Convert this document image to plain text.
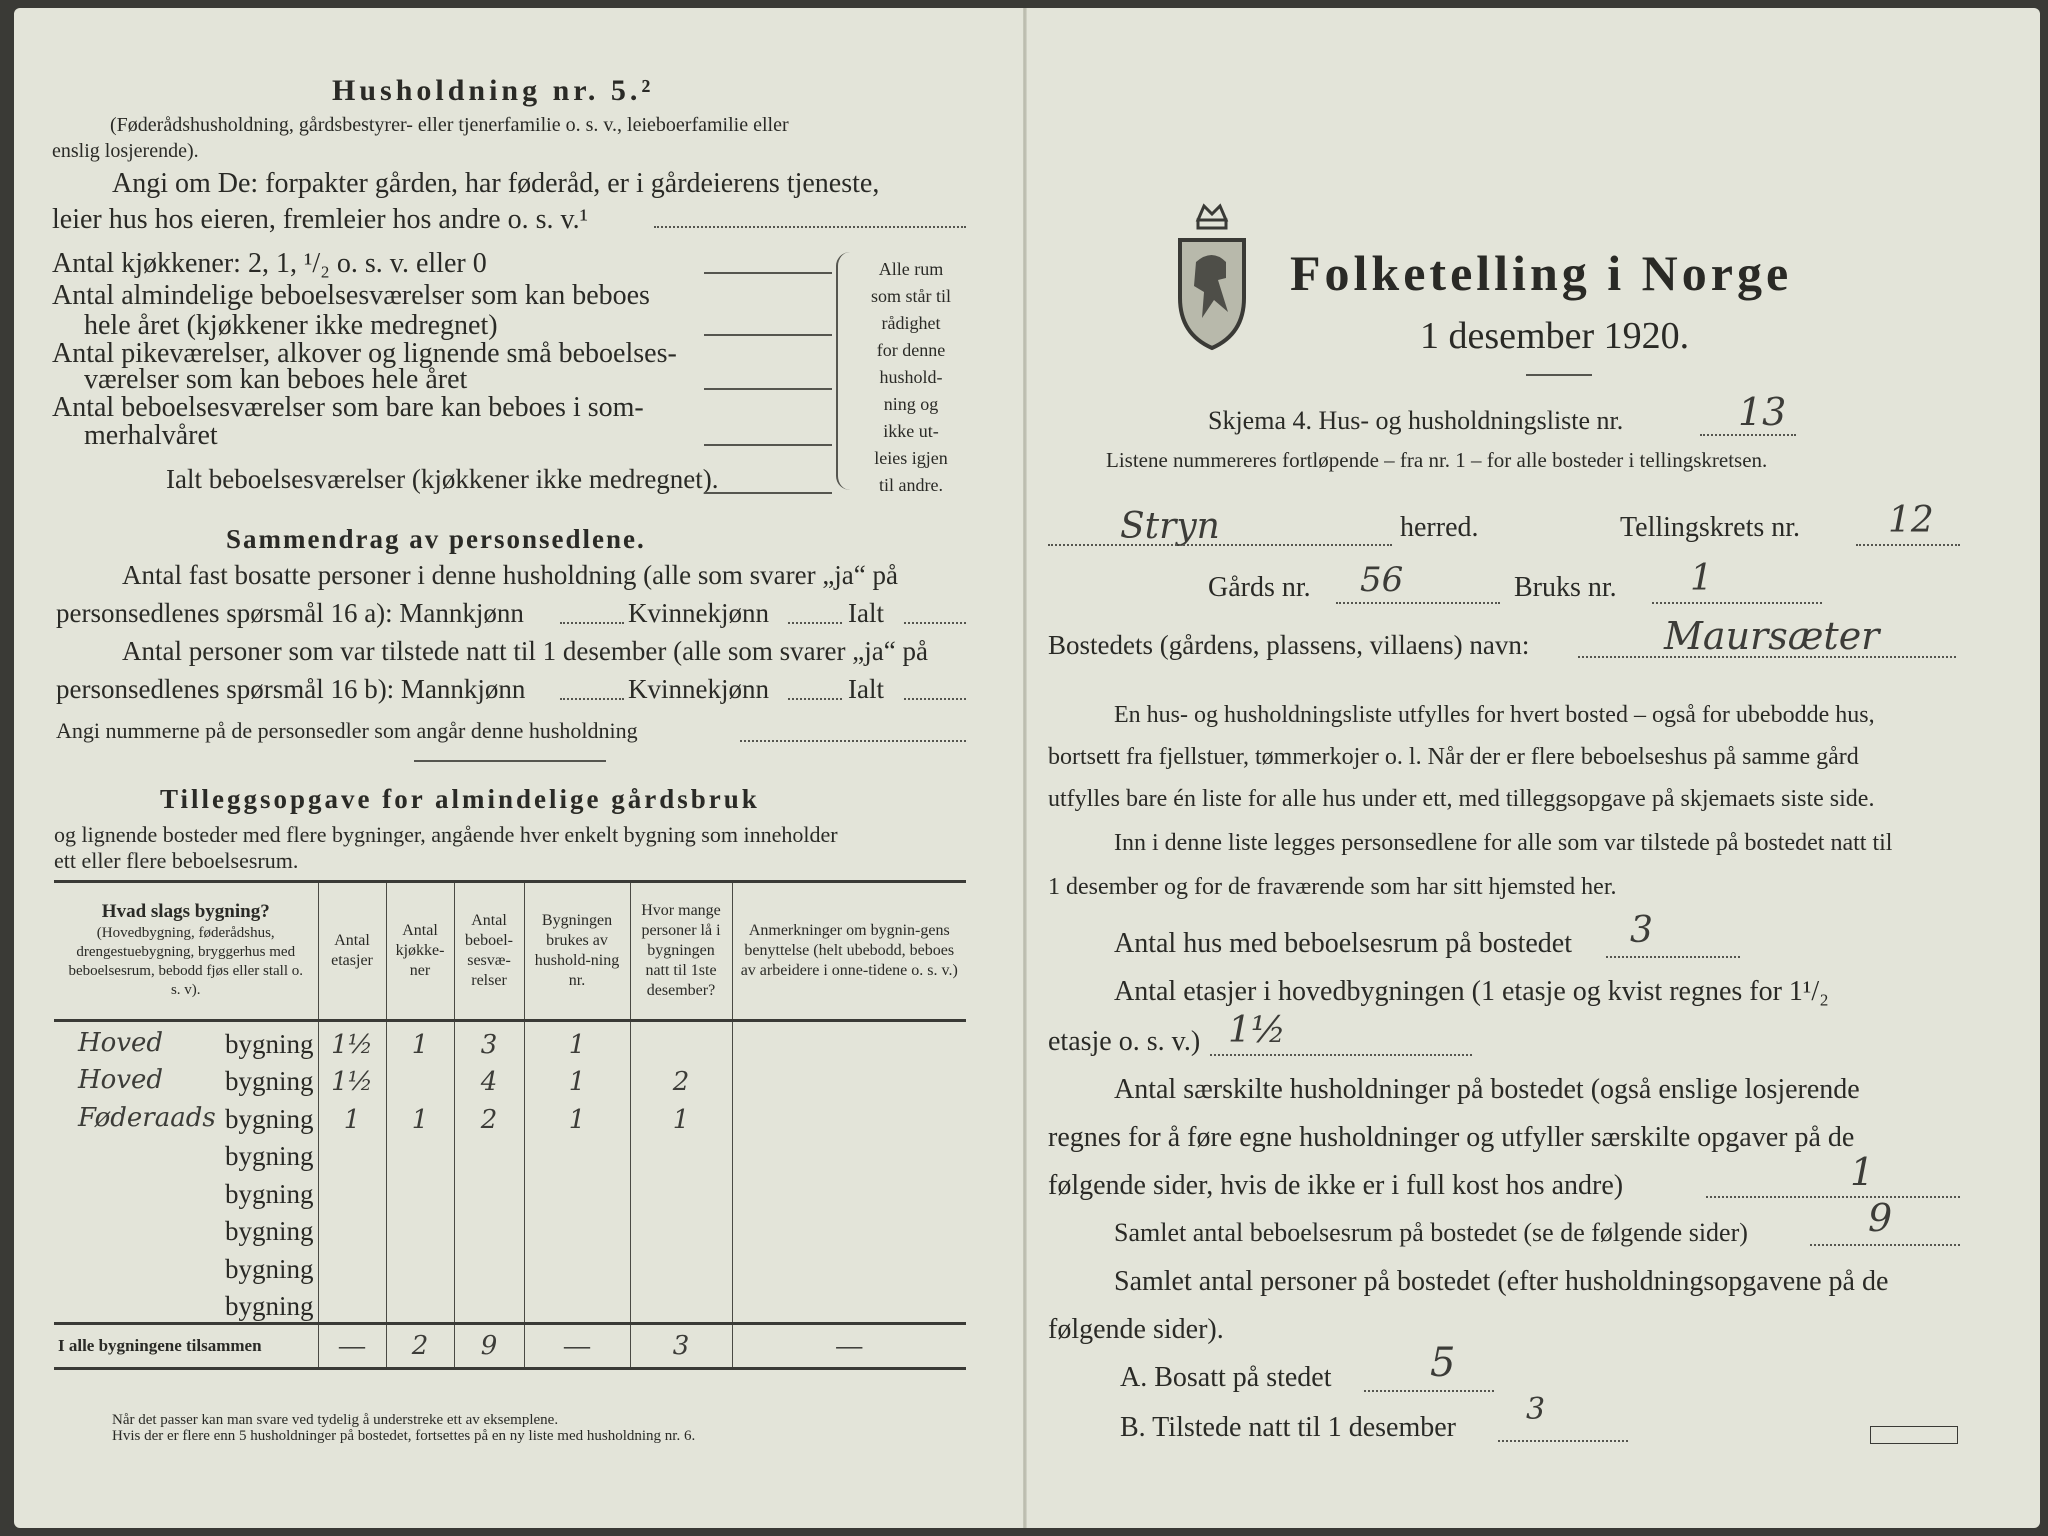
Husholdning nr. 5.²
(Føderådshusholdning, gårdsbestyrer- eller tjenerfamilie o. s. v., leieboerfamilie eller
enslig losjerende).
Angi om De: forpakter gården, har føderåd, er i gårdeierens tjeneste,
leier hus hos eieren, fremleier hos andre o. s. v.¹
Antal kjøkkener: 2, 1, ¹/₂ o. s. v. eller 0
Antal almindelige beboelsesværelser som kan beboes
hele året (kjøkkener ikke medregnet)
Antal pikeværelser, alkover og lignende små beboelses-
værelser som kan beboes hele året
Antal beboelsesværelser som bare kan beboes i som-
merhalvåret
Ialt beboelsesværelser (kjøkkener ikke medregnet).
Alle rum
som står til
rådighet
for denne
hushold-
ning og
ikke ut-
leies igjen
til andre.
Sammendrag av personsedlene.
Antal fast bosatte personer i denne husholdning (alle som svarer „ja“ på
personsedlenes spørsmål 16 a): Mannkjønn	Kvinnekjønn	Ialt
Antal personer som var tilstede natt til 1 desember (alle som svarer „ja“ på
personsedlenes spørsmål 16 b): Mannkjønn	Kvinnekjønn	Ialt
Angi nummerne på de personsedler som angår denne husholdning
Tilleggsopgave for almindelige gårdsbruk
og lignende bosteder med flere bygninger, angående hver enkelt bygning som inneholder
ett eller flere beboelsesrum.
Hvad slags bygning?
(Hovedbygning, føderådshus, drengestuebygning, bryggerhus med beboelsesrum, bebodd fjøs eller stall o. s. v).	Antal etasjer	Antal kjøkke-ner	Antal beboel-sesvæ-relser	Bygningen brukes av hushold-ning nr.	Hvor mange personer lå i bygningen natt til 1ste desember?	Anmerkninger om bygnin-gens benyttelse (helt ubebodd, beboes av arbeidere i onne-tidene o. s. v.)

Hoved bygning	1½	1	3	1		

Hoved bygning	1½		4	1	2	

Føderaads bygning	1	1	2	1	1	

bygning						

bygning						

bygning						

bygning						

bygning						
I alle bygningene tilsammen	—	2	9	—	3	—
Når det passer kan man svare ved tydelig å understreke ett av eksemplene.
Hvis der er flere enn 5 husholdninger på bostedet, fortsettes på en ny liste med husholdning nr. 6.
Folketelling i Norge
1 desember 1920.
Skjema 4. Hus- og husholdningsliste nr.	13
Listene nummereres fortløpende – fra nr. 1 – for alle bosteder i tellingskretsen.
Stryn	herred.	Tellingskrets nr. 12
Gårds nr. 56	Bruks nr. 1
Bostedets (gårdens, plassens, villaens) navn:	Maursæter
En hus- og husholdningsliste utfylles for hvert bosted – også for ubebodde hus,
bortsett fra fjellstuer, tømmerkojer o. l. Når der er flere beboelseshus på samme gård
utfylles bare én liste for alle hus under ett, med tilleggsopgave på skjemaets siste side.
Inn i denne liste legges personsedlene for alle som var tilstede på bostedet natt til
1 desember og for de fraværende som har sitt hjemsted her.
Antal hus med beboelsesrum på bostedet 3
Antal etasjer i hovedbygningen (1 etasje og kvist regnes for 1¹/₂
etasje o. s. v.) 1½
Antal særskilte husholdninger på bostedet (også enslige losjerende
regnes for å føre egne husholdninger og utfyller særskilte opgaver på de
følgende sider, hvis de ikke er i full kost hos andre)	1
Samlet antal beboelsesrum på bostedet (se de følgende sider)	9
Samlet antal personer på bostedet (efter husholdningsopgavene på de
følgende sider).
A. Bosatt på stedet 5
B. Tilstede natt til 1 desember
3
